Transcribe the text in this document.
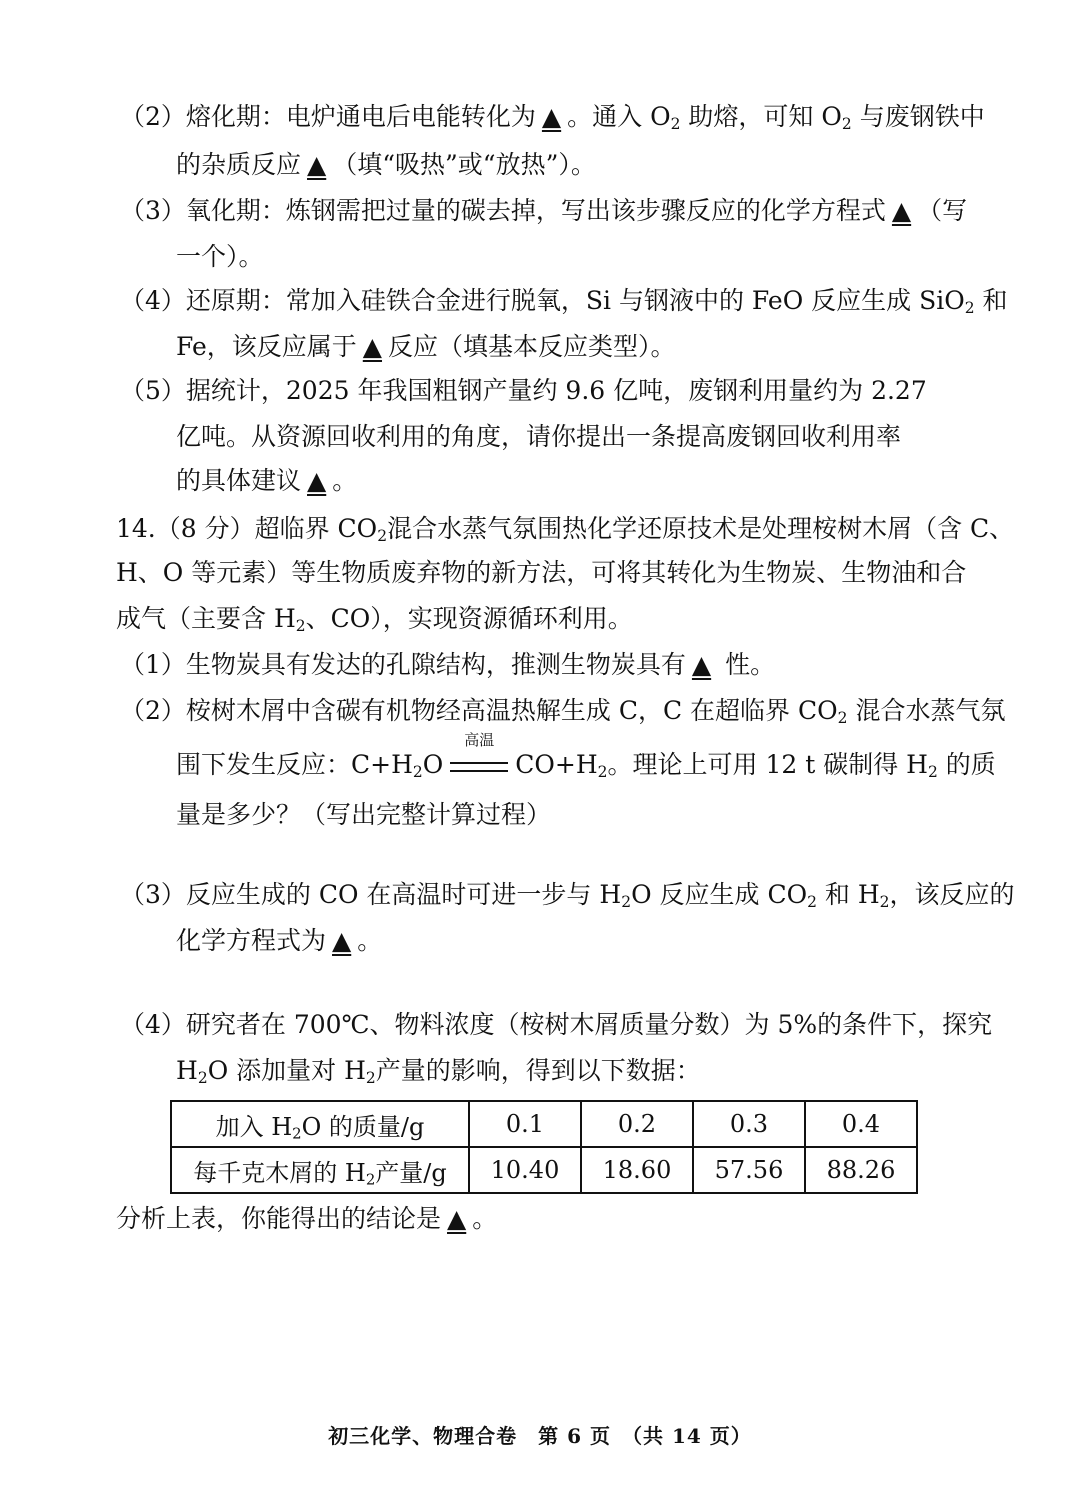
（2）熔化期：电炉通电后电能转化为 ▲ 。通入 $O_2$ 助熔，可知 $O_2$ 与废钢铁中
的杂质反应 ▲ （填“吸热”或“放热”）。
（3）氧化期：炼钢需把过量的碳去掉，写出该步骤反应的化学方程式 ▲ （写
一个）。
（4）还原期：常加入硅铁合金进行脱氧，Si 与钢液中的 FeO 反应生成 SiO$_2$ 和
Fe，该反应属于 ▲ 反应（填基本反应类型）。
（5）据统计，2025 年我国粗钢产量约 9.6 亿吨，废钢利用量约为 2.27
亿吨。从资源回收利用的角度，请你提出一条提高废钢回收利用率
的具体建议 ▲ 。
14.（8 分）超临界 $CO_2$混合水蒸气氛围热化学还原技术是处理桉树木屑（含 C、
H、O 等元素）等生物质废弃物的新方法，可将其转化为生物炭、生物油和合
成气（主要含 $H_2$、CO），实现资源循环利用。
（1）生物炭具有发达的孔隙结构，推测生物炭具有 ▲ 性。
（2）桉树木屑中含碳有机物经高温热解生成 C，C 在超临界 $CO_2$ 混合水蒸气氛
围下发生反应：$C+H_2O$
高温
$CO+H_2$。理论上可用 12 t 碳制得 $H_2$ 的质
量是多少？（写出完整计算过程）
（3）反应生成的 CO 在高温时可进一步与 $H_2O$ 反应生成 $CO_2$ 和 $H_2$，该反应的
化学方程式为 ▲ 。
（4）研究者在 700℃、物料浓度（桉树木屑质量分数）为 5%的条件下，探究
$H_2O$ 添加量对 $H_2$产量的影响，得到以下数据：
加入 $H_2O$ 的质量/g	0.1	0.2	0.3	0.4
每千克木屑的 $H_2$产量/g	10.40	18.60	57.56	88.26
分析上表，你能得出的结论是 ▲ 。
初三化学、物理合卷　第 6 页　（共 14 页）
